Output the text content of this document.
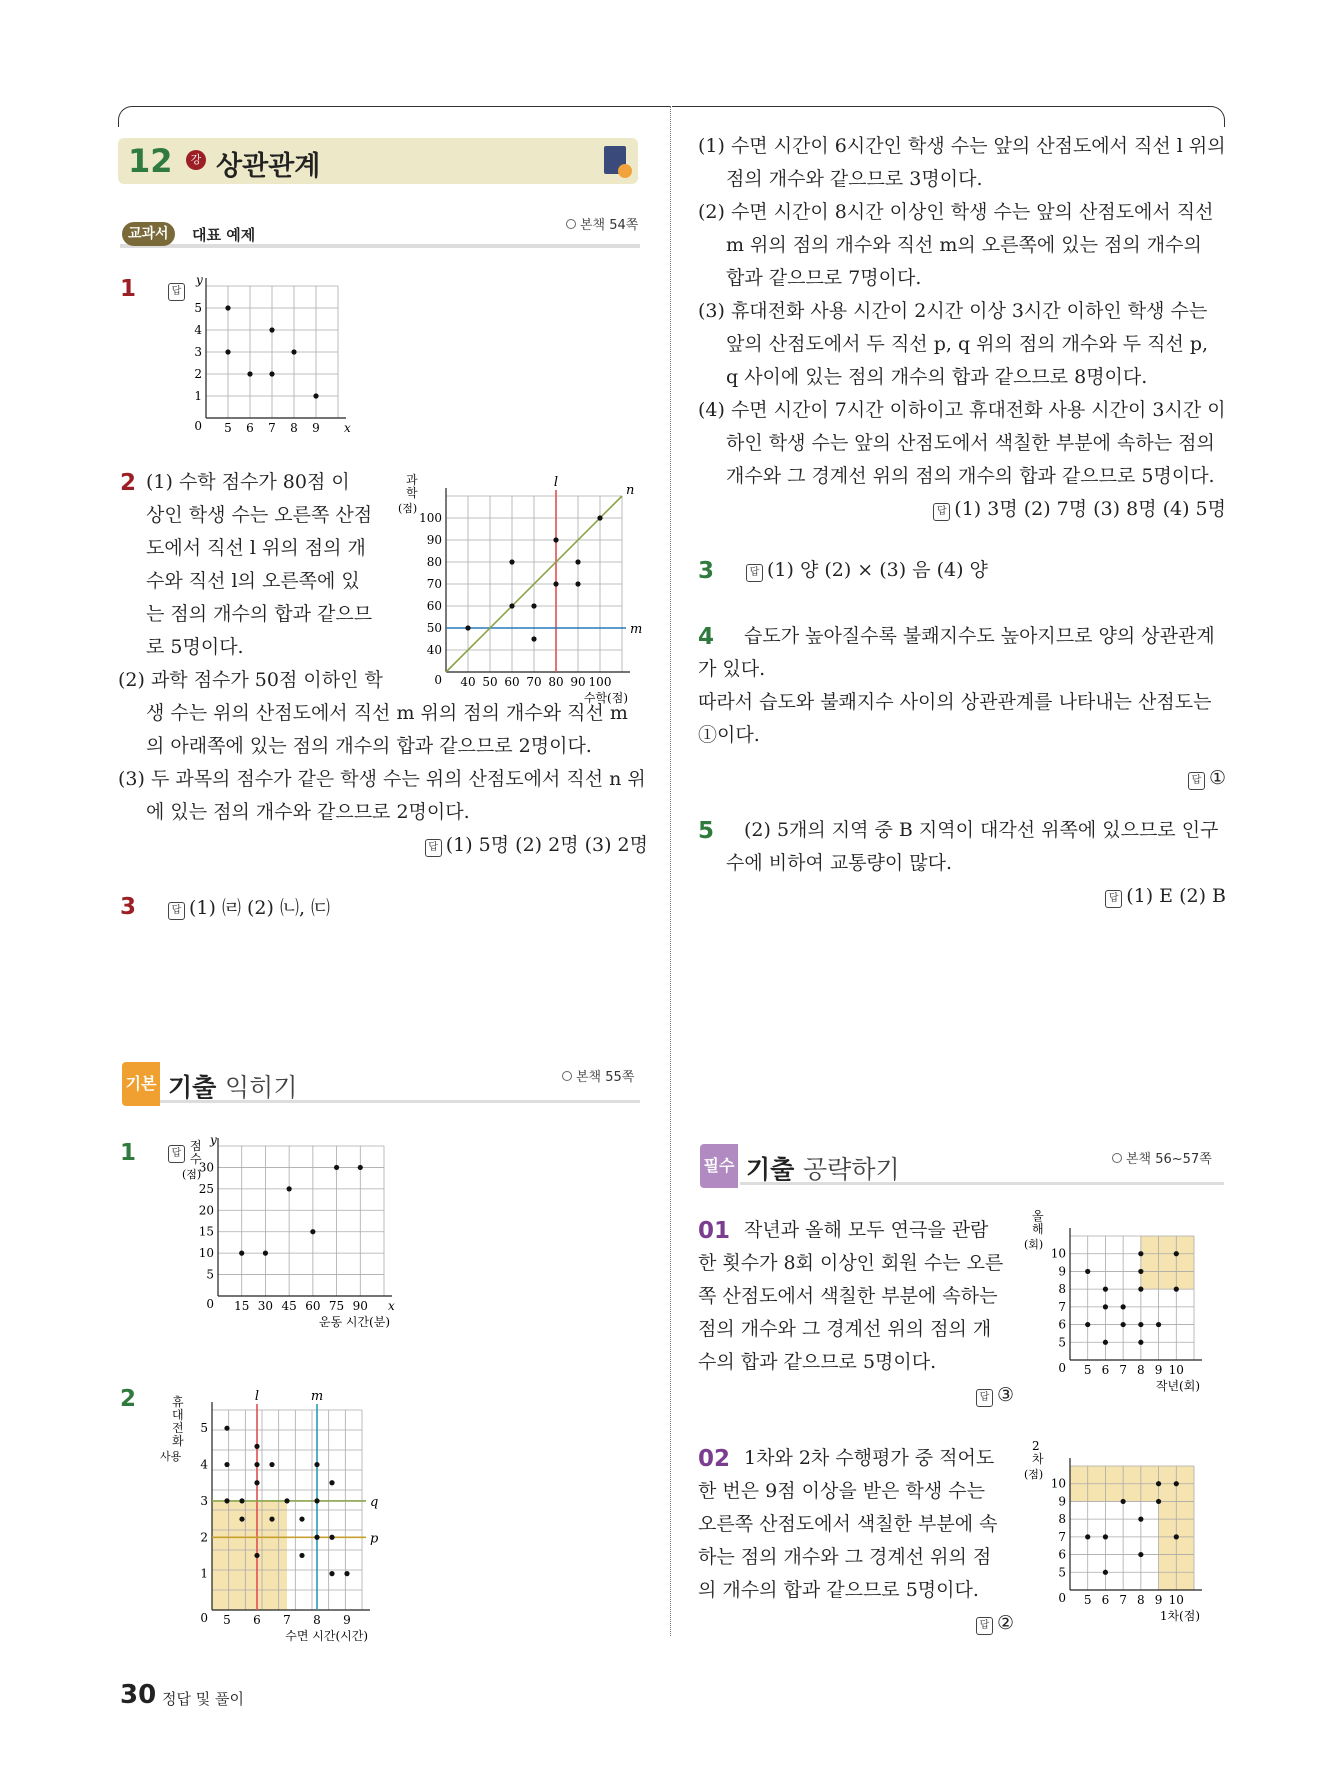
12	강 상관관계
교과서	대표 예제
본책 54쪽
1	답
0 5 6 7 8 9
1
2
3
4
5
x
y
2 (1) 수학 점수가 80점 이
상인 학생 수는 오른쪽 산점
도에서 직선 l 위의 점의 개
수와 직선 l의 오른쪽에 있
는 점의 개수의 합과 같으므
로 5명이다.
0 40 50 60 70 80 90 100
40
50
60
70
80
90
100
수학(점)
과
학
(점)
l
m
n
(2) 과학 점수가 50점 이하인 학
생 수는 위의 산점도에서 직선 m 위의 점의 개수와 직선 m
의 아래쪽에 있는 점의 개수의 합과 같으므로 2명이다.
(3) 두 과목의 점수가 같은 학생 수는 위의 산점도에서 직선 n 위
에 있는 점의 개수와 같으므로 2명이다.
답 (1) 5명 (2) 2명 (3) 2명
3	답 (1) ㈃ (2) ㈁, ㈂
기본 기출 익히기	본책 55쪽
1	답
0 15 30 45 60 75 90
5
10
15
20
25
30
운동 시간(분)
점
수
(점)
y
x
2
0 5 6 7 8 9
1
2
3
4
5
수면 시간(시간)
휴
대
전
화
사용
l	m
q
p
(1) 수면 시간이 6시간인 학생 수는 앞의 산점도에서 직선 l 위의
점의 개수와 같으므로 3명이다.
(2) 수면 시간이 8시간 이상인 학생 수는 앞의 산점도에서 직선
m 위의 점의 개수와 직선 m의 오른쪽에 있는 점의 개수의
합과 같으므로 7명이다.
(3) 휴대전화 사용 시간이 2시간 이상 3시간 이하인 학생 수는
앞의 산점도에서 두 직선 p, q 위의 점의 개수와 두 직선 p,
q 사이에 있는 점의 개수의 합과 같으므로 8명이다.
(4) 수면 시간이 7시간 이하이고 휴대전화 사용 시간이 3시간 이
하인 학생 수는 앞의 산점도에서 색칠한 부분에 속하는 점의
개수와 그 경계선 위의 점의 개수의 합과 같으므로 5명이다.
답 (1) 3명 (2) 7명 (3) 8명 (4) 5명
3	답 (1) 양 (2) × (3) 음 (4) 양
4	습도가 높아질수록 불쾌지수도 높아지므로 양의 상관관계
가 있다.
따라서 습도와 불쾌지수 사이의 상관관계를 나타내는 산점도는
①이다.
답 ①
5	(2) 5개의 지역 중 B 지역이 대각선 위쪽에 있으므로 인구
수에 비하여 교통량이 많다.
답 (1) E (2) B
필수 기출 공략하기	본책 56~57쪽
01 작년과 올해 모두 연극을 관람
한 횟수가 8회 이상인 회원 수는 오른
쪽 산점도에서 색칠한 부분에 속하는
점의 개수와 그 경계선 위의 점의 개
수의 합과 같으므로 5명이다.
답 ③
0 5 6 7 8 9 10
5
6
7
8
9
10
작년(회)
올
해
(회)
02 1차와 2차 수행평가 중 적어도
한 번은 9점 이상을 받은 학생 수는
오른쪽 산점도에서 색칠한 부분에 속
하는 점의 개수와 그 경계선 위의 점
의 개수의 합과 같으므로 5명이다.
답 ②
0 5 6 7 8 9 10
5
6
7
8
9
10
1차(점)
2
차
(점)
30 정답 및 풀이
